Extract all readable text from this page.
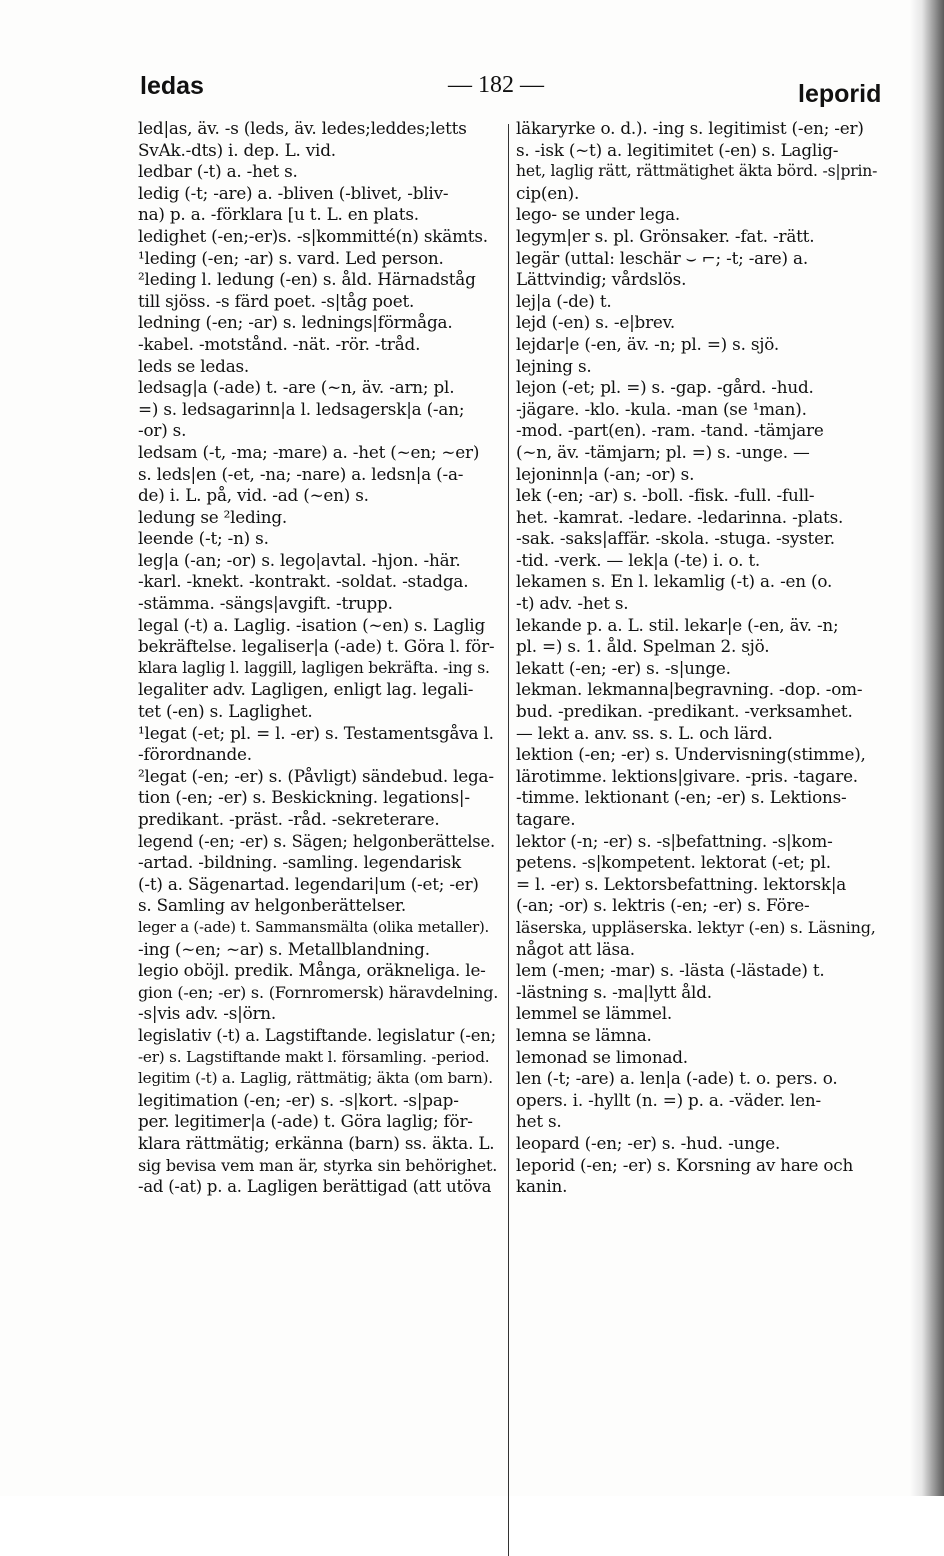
ledas	— 182 —	leporid
led|as, äv. -s (leds, äv. ledes;leddes;letts
SvAk.-dts) i. dep. L. vid.
ledbar (-t) a. -het s.
ledig (-t; -are) a. -bliven (-blivet, -bliv-
na) p. a. -förklara [u t. L. en plats.
ledighet (-en;-er)s. -s|kommitté(n) skämts.
¹leding (-en; -ar) s. vard. Led person.
²leding l. ledung (-en) s. åld. Härnadståg
till sjöss. -s färd poet. -s|tåg poet.
ledning (-en; -ar) s. lednings|förmåga.
-kabel. -motstånd. -nät. -rör. -tråd.
leds se ledas.
ledsag|a (-ade) t. -are (~n, äv. -arn; pl.
=) s. ledsagarinn|a l. ledsagersk|a (-an;
-or) s.
ledsam (-t, -ma; -mare) a. -het (~en; ~er)
s. leds|en (-et, -na; -nare) a. ledsn|a (-a-
de) i. L. på, vid. -ad (~en) s.
ledung se ²leding.
leende (-t; -n) s.
leg|a (-an; -or) s. lego|avtal. -hjon. -här.
-karl. -knekt. -kontrakt. -soldat. -stadga.
-stämma. -sängs|avgift. -trupp.
legal (-t) a. Laglig. -isation (~en) s. Laglig
bekräftelse. legaliser|a (-ade) t. Göra l. för-
klara laglig l. laggill, lagligen bekräfta. -ing s.
legaliter adv. Lagligen, enligt lag. legali-
tet (-en) s. Laglighet.
¹legat (-et; pl. = l. -er) s. Testamentsgåva l.
-förordnande.
²legat (-en; -er) s. (Påvligt) sändebud. lega-
tion (-en; -er) s. Beskickning. legations|-
predikant. -präst. -råd. -sekreterare.
legend (-en; -er) s. Sägen; helgonberättelse.
-artad. -bildning. -samling. legendarisk
(-t) a. Sägenartad. legendari|um (-et; -er)
s. Samling av helgonberättelser.
leger a (-ade) t. Sammansmälta (olika metaller).
-ing (~en; ~ar) s. Metallblandning.
legio oböjl. predik. Många, oräkneliga. le-
gion (-en; -er) s. (Fornromersk) häravdelning.
-s|vis adv. -s|örn.
legislativ (-t) a. Lagstiftande. legislatur (-en;
-er) s. Lagstiftande makt l. församling. -period.
legitim (-t) a. Laglig, rättmätig; äkta (om barn).
legitimation (-en; -er) s. -s|kort. -s|pap-
per. legitimer|a (-ade) t. Göra laglig; för-
klara rättmätig; erkänna (barn) ss. äkta. L.
sig bevisa vem man är, styrka sin behörighet.
-ad (-at) p. a. Lagligen berättigad (att utöva
läkaryrke o. d.). -ing s. legitimist (-en; -er)
s. -isk (~t) a. legitimitet (-en) s. Laglig-
het, laglig rätt, rättmätighet äkta börd. -s|prin-
cip(en).
lego- se under lega.
legym|er s. pl. Grönsaker. -fat. -rätt.
legär (uttal: leschär ⌣ ⌐; -t; -are) a.
Lättvindig; vårdslös.
lej|a (-de) t.
lejd (-en) s. -e|brev.
lejdar|e (-en, äv. -n; pl. =) s. sjö.
lejning s.
lejon (-et; pl. =) s. -gap. -gård. -hud.
-jägare. -klo. -kula. -man (se ¹man).
-mod. -part(en). -ram. -tand. -tämjare
(~n, äv. -tämjarn; pl. =) s. -unge. —
lejoninn|a (-an; -or) s.
lek (-en; -ar) s. -boll. -fisk. -full. -full-
het. -kamrat. -ledare. -ledarinna. -plats.
-sak. -saks|affär. -skola. -stuga. -syster.
-tid. -verk. — lek|a (-te) i. o. t.
lekamen s. En l. lekamlig (-t) a. -en (o.
-t) adv. -het s.
lekande p. a. L. stil. lekar|e (-en, äv. -n;
pl. =) s. 1. åld. Spelman 2. sjö.
lekatt (-en; -er) s. -s|unge.
lekman. lekmanna|begravning. -dop. -om-
bud. -predikan. -predikant. -verksamhet.
— lekt a. anv. ss. s. L. och lärd.
lektion (-en; -er) s. Undervisning(stimme),
lärotimme. lektions|givare. -pris. -tagare.
-timme. lektionant (-en; -er) s. Lektions-
tagare.
lektor (-n; -er) s. -s|befattning. -s|kom-
petens. -s|kompetent. lektorat (-et; pl.
= l. -er) s. Lektorsbefattning. lektorsk|a
(-an; -or) s. lektris (-en; -er) s. Före-
läserska, uppläserska. lektyr (-en) s. Läsning,
något att läsa.
lem (-men; -mar) s. -lästa (-lästade) t.
-lästning s. -ma|lytt åld.
lemmel se lämmel.
lemna se lämna.
lemonad se limonad.
len (-t; -are) a. len|a (-ade) t. o. pers. o.
opers. i. -hyllt (n. =) p. a. -väder. len-
het s.
leopard (-en; -er) s. -hud. -unge.
leporid (-en; -er) s. Korsning av hare och
kanin.
